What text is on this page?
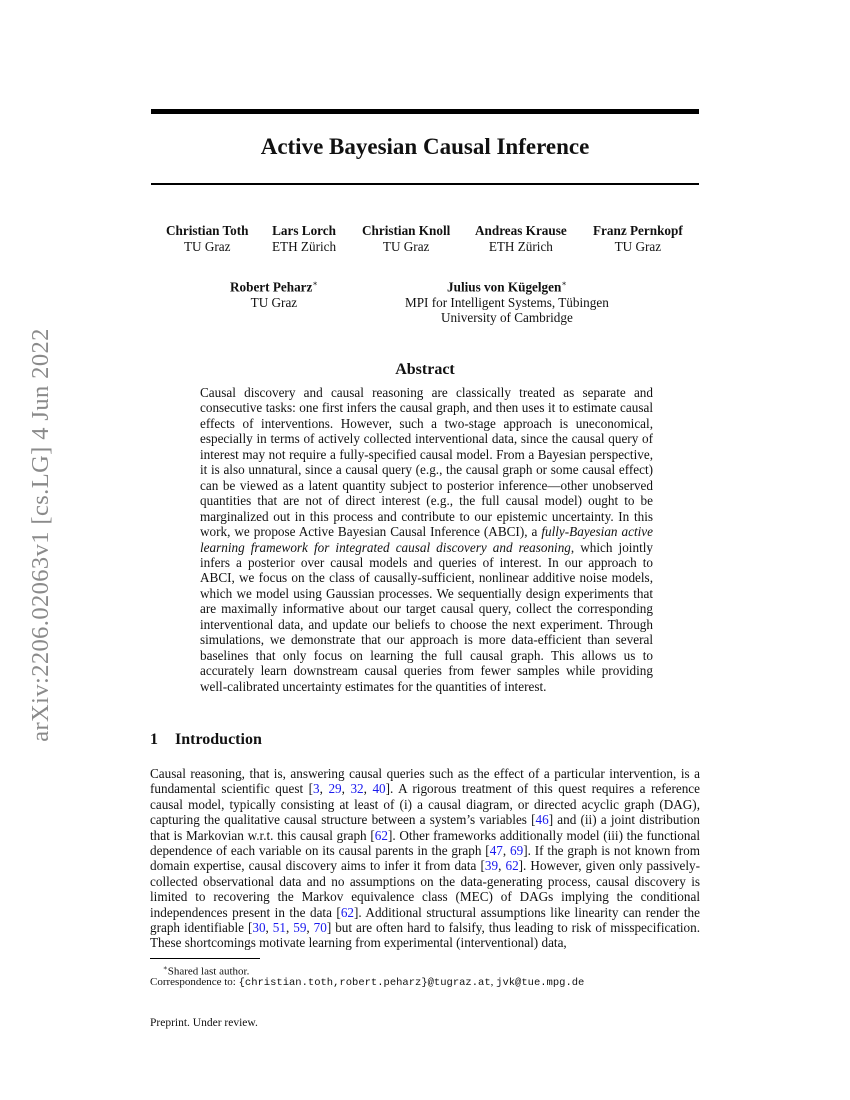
arXiv:2206.02063v1 [cs.LG] 4 Jun 2022
Active Bayesian Causal Inference
Christian Toth
TU Graz
Lars Lorch
ETH Zürich
Christian Knoll
TU Graz
Andreas Krause
ETH Zürich
Franz Pernkopf
TU Graz
Robert Peharz∗
TU Graz
Julius von Kügelgen∗
MPI for Intelligent Systems, Tübingen
University of Cambridge
Abstract
Causal discovery and causal reasoning are classically treated as separate and consecutive tasks: one first infers the causal graph, and then uses it to estimate causal effects of interventions. However, such a two-stage approach is uneconomical, especially in terms of actively collected interventional data, since the causal query of interest may not require a fully-specified causal model. From a Bayesian perspective, it is also unnatural, since a causal query (e.g., the causal graph or some causal effect) can be viewed as a latent quantity subject to posterior inference—other unobserved quantities that are not of direct interest (e.g., the full causal model) ought to be marginalized out in this process and contribute to our epistemic uncertainty. In this work, we propose Active Bayesian Causal Inference (ABCI), a fully-Bayesian active learning framework for integrated causal discovery and reasoning, which jointly infers a posterior over causal models and queries of interest. In our approach to ABCI, we focus on the class of causally-sufficient, nonlinear additive noise models, which we model using Gaussian processes. We sequentially design experiments that are maximally informative about our target causal query, collect the corresponding interventional data, and update our beliefs to choose the next experiment. Through simulations, we demonstrate that our approach is more data-efficient than several baselines that only focus on learning the full causal graph. This allows us to accurately learn downstream causal queries from fewer samples while providing well-calibrated uncertainty estimates for the quantities of interest.
1 Introduction
Causal reasoning, that is, answering causal queries such as the effect of a particular intervention, is a fundamental scientific quest [3, 29, 32, 40]. A rigorous treatment of this quest requires a reference causal model, typically consisting at least of (i) a causal diagram, or directed acyclic graph (DAG), capturing the qualitative causal structure between a system’s variables [46] and (ii) a joint distribution that is Markovian w.r.t. this causal graph [62]. Other frameworks additionally model (iii) the functional dependence of each variable on its causal parents in the graph [47, 69]. If the graph is not known from domain expertise, causal discovery aims to infer it from data [39, 62]. However, given only passively-collected observational data and no assumptions on the data-generating process, causal discovery is limited to recovering the Markov equivalence class (MEC) of DAGs implying the conditional independences present in the data [62]. Additional structural assumptions like linearity can render the graph identifiable [30, 51, 59, 70] but are often hard to falsify, thus leading to risk of misspecification. These shortcomings motivate learning from experimental (interventional) data,
∗Shared last author.
Correspondence to: {christian.toth,robert.peharz}@tugraz.at, jvk@tue.mpg.de
Preprint. Under review.
